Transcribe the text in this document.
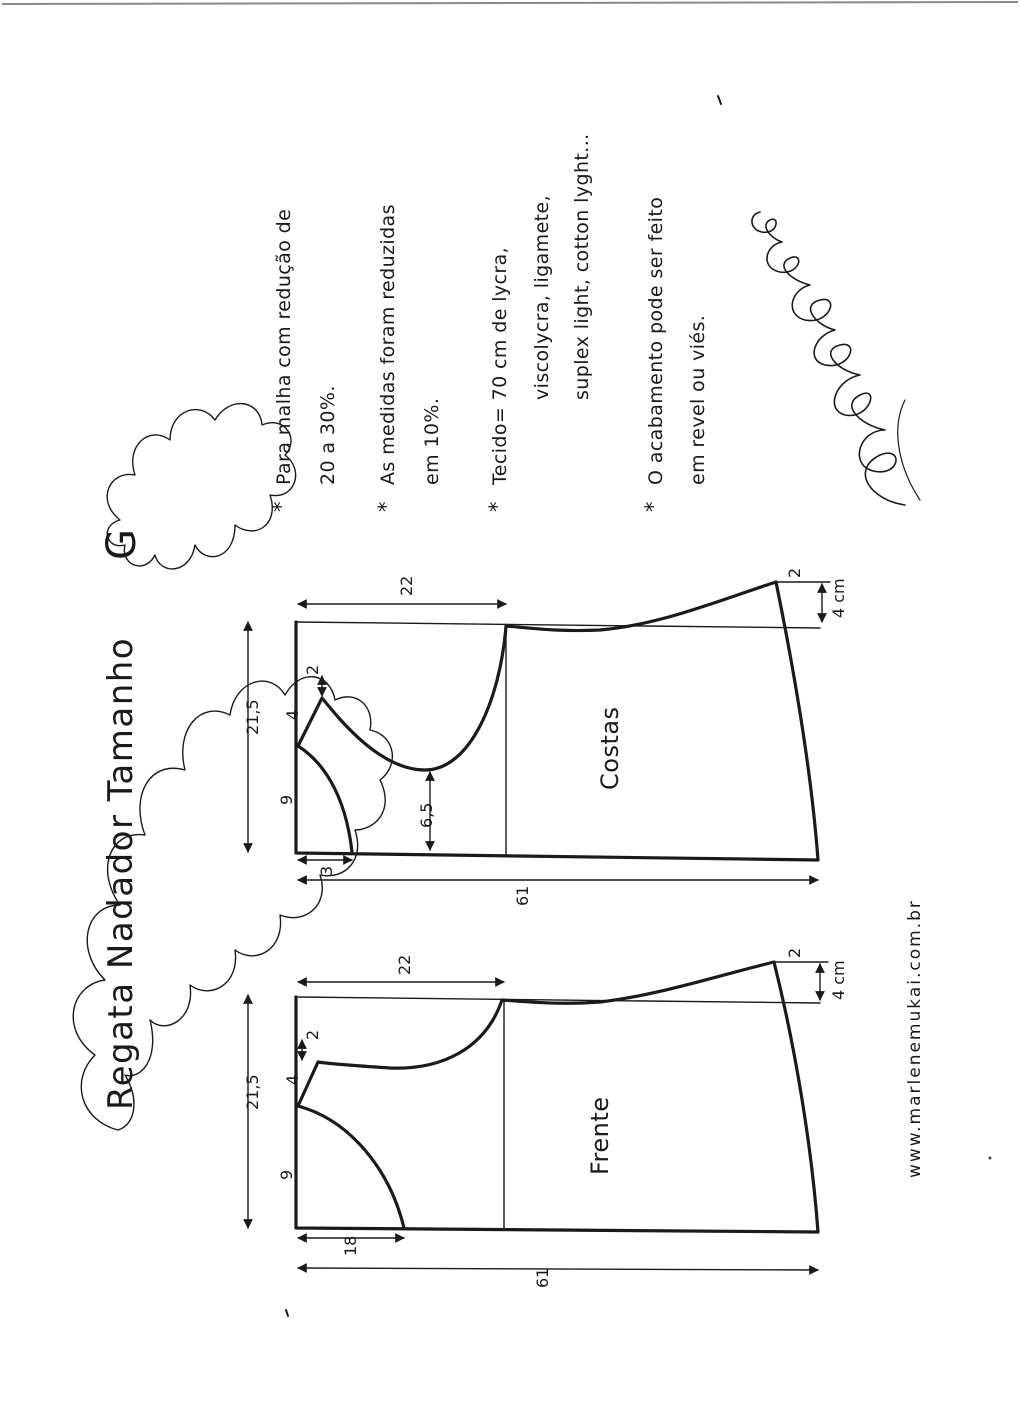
Regata Nadador Tamanho
G
*
Para malha com redução de 20 a 30%.
*
As medidas foram reduzidas em 10%.
*
Tecido= 70 cm de lycra, viscolycra, ligamete, suplex light, cotton lyght...
*
O acabamento pode ser feito em revel ou viés.
www.marlenemukai.com.br
Costas
22
21,5
9
4
2
6,5
3
61
4 cm
2
Frente
22
21,5
9
4
2
18
61
4 cm
2
